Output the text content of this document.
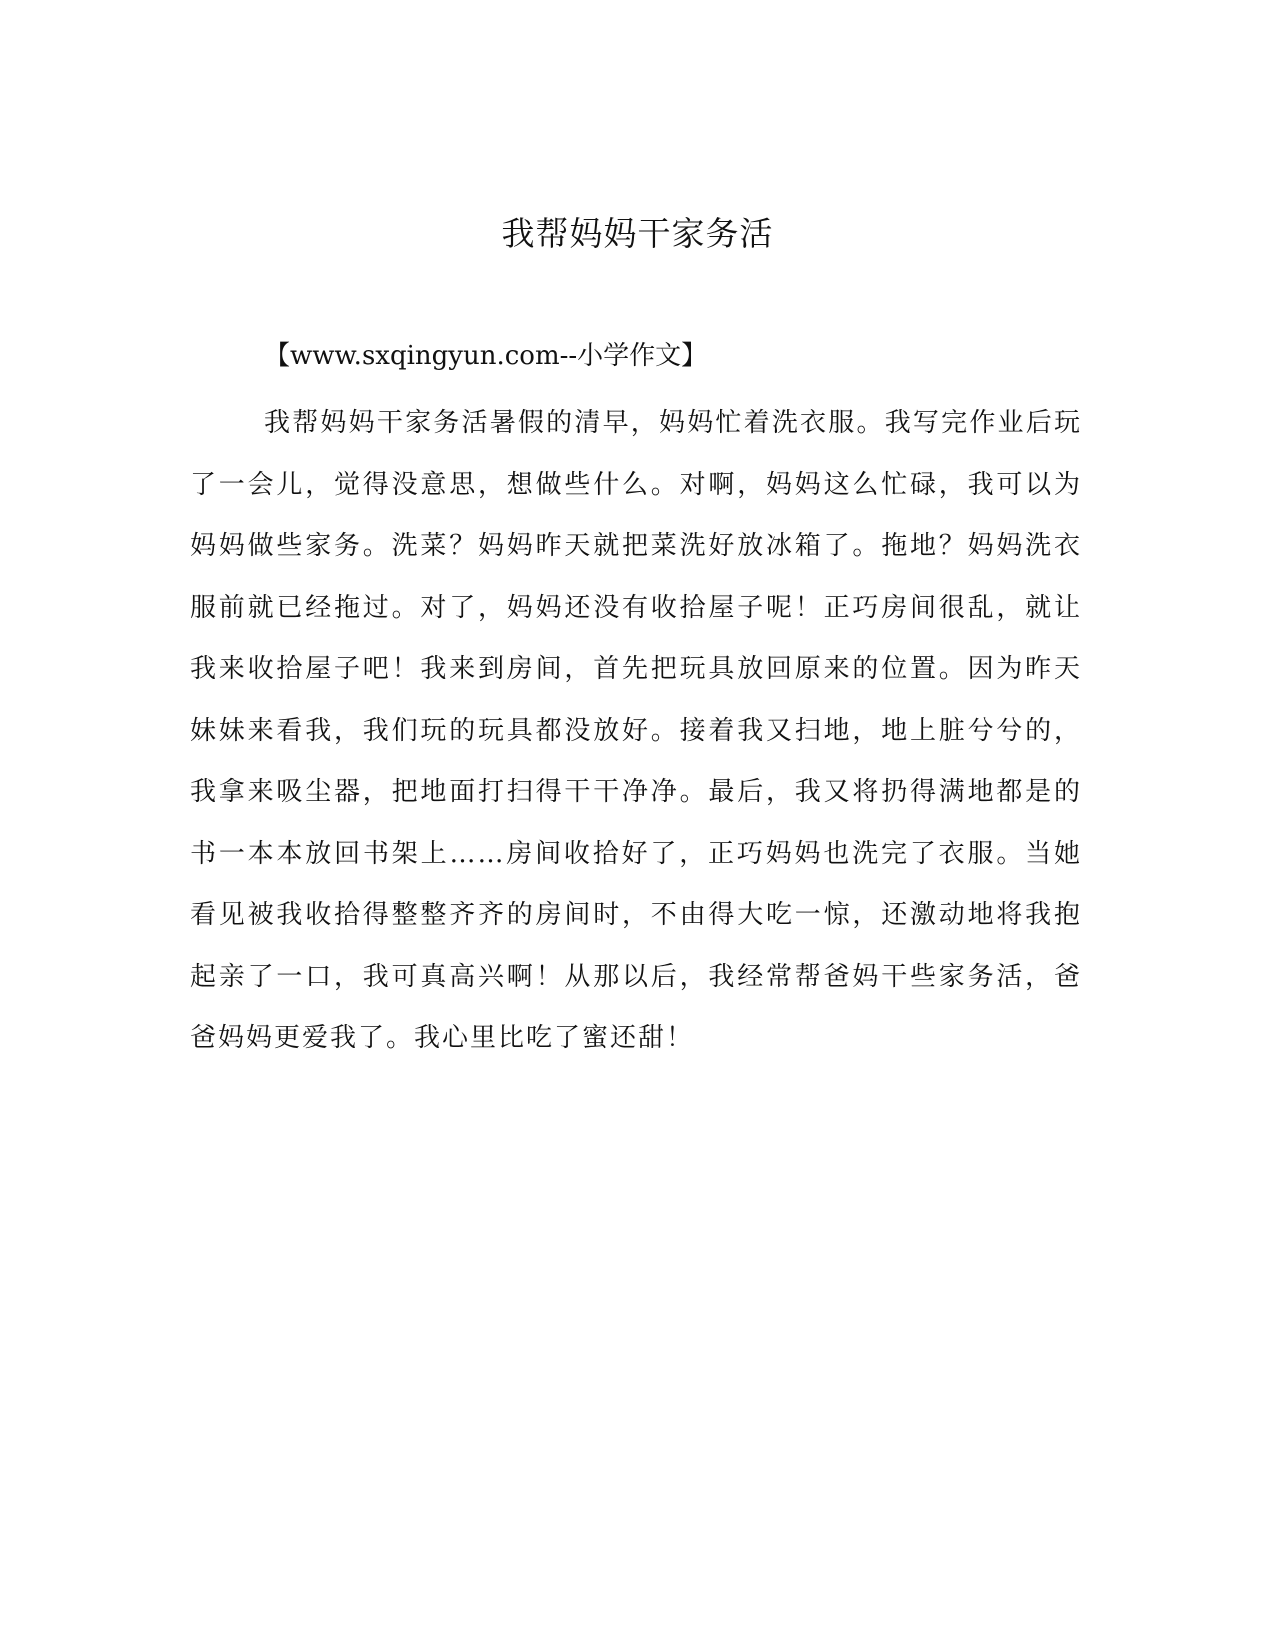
我帮妈妈干家务活

【www.sxqingyun.com--小学作文】

我帮妈妈干家务活暑假的清早，妈妈忙着洗衣服。我写完作业后玩了一会儿，觉得没意思，想做些什么。对啊，妈妈这么忙碌，我可以为妈妈做些家务。洗菜？妈妈昨天就把菜洗好放冰箱了。拖地？妈妈洗衣服前就已经拖过。对了，妈妈还没有收拾屋子呢！正巧房间很乱，就让我来收拾屋子吧！我来到房间，首先把玩具放回原来的位置。因为昨天妹妹来看我，我们玩的玩具都没放好。接着我又扫地，地上脏兮兮的，我拿来吸尘器，把地面打扫得干干净净。最后，我又将扔得满地都是的书一本本放回书架上……房间收拾好了，正巧妈妈也洗完了衣服。当她看见被我收拾得整整齐齐的房间时，不由得大吃一惊，还激动地将我抱起亲了一口，我可真高兴啊！从那以后，我经常帮爸妈干些家务活，爸爸妈妈更爱我了。我心里比吃了蜜还甜！
